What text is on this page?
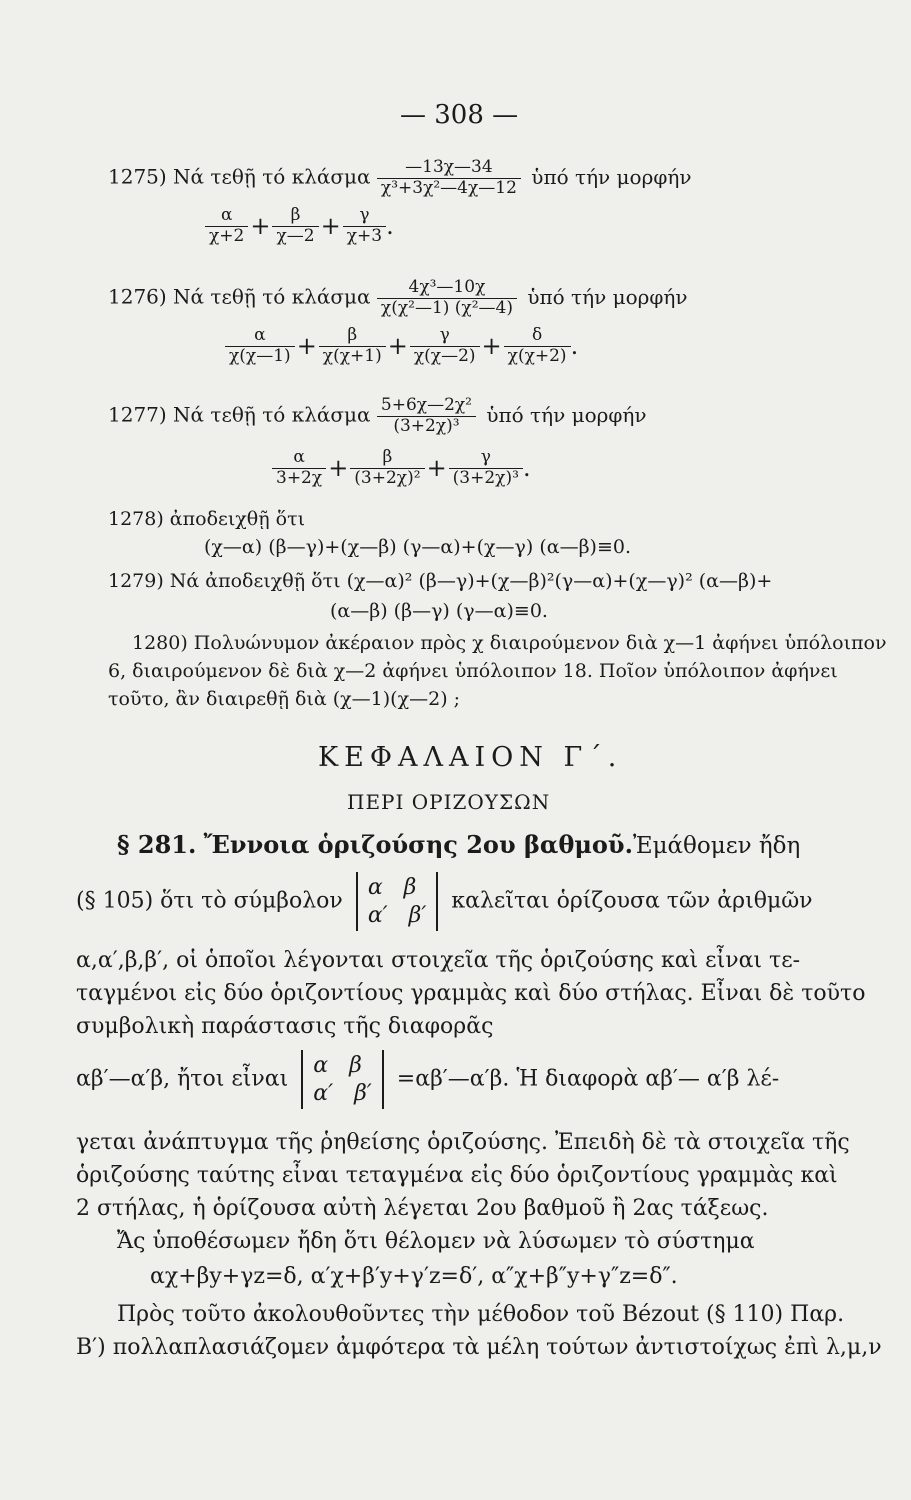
— 308 —
1275) Νά τεθῇ τό κλάσμα $\frac{—13\chi—34}{\text{χ³+3χ²—4χ—12}}$ ὑπό τήν μορφήν
$\frac{\alpha}{\chi+2} + \frac{\beta}{\chi—2} + \frac{\gamma}{\chi+3}$ .
1276) Νά τεθῇ τό κλάσμα $\frac{\text{4χ³—10χ}}{\text{χ(χ²—1) (χ²—4)}}$ ὑπό τήν μορφήν
$\frac{\alpha}{\chi(\chi—1)} + \frac{\beta}{\chi(\chi+1)} + \frac{\gamma}{\chi(\chi—2)} + \frac{\delta}{\chi(\chi+2)}$ .
1277) Νά τεθῇ τό κλάσμα $\frac{\text{5+6χ—2χ²}}{\text{(3+2χ)³}}$ ὑπό τήν μορφήν
$\frac{\alpha}{3+2\chi} + \frac{\beta}{\text{(3+2χ)²}} + \frac{\gamma}{\text{(3+2χ)³}}$ .
1278) ἀποδειχθῇ ὅτι
(χ—α) (β—γ)+(χ—β) (γ—α)+(χ—γ) (α—β)≡0.
1279) Νά ἀποδειχθῇ ὅτι (χ—α)² (β—γ)+(χ—β)²(γ—α)+(χ—γ)² (α—β)+
(α—β) (β—γ) (γ—α)≡0.
1280) Πολυώνυμον ἀκέραιον πρὸς χ διαιρούμενον διὰ χ—1 ἀφήνει ὑπόλοιπον
6, διαιρούμενον δὲ διὰ χ—2 ἀφήνει ὑπόλοιπον 18. Ποῖον ὑπόλοιπον ἀφήνει
τοῦτο, ἂν διαιρεθῇ διὰ (χ—1)(χ—2) ;
ΚΕΦΑΛΑΙΟΝ Γ΄.
ΠΕΡΙ ΟΡΙΖΟΥΣΩΝ
§ 281. Ἔννοια ὁριζούσης 2ου βαθμοῦ.Ἐμάθομεν ἤδη
(§ 105) ὅτι τὸ σύμβολον
α β
α′ β′
καλεῖται ὁρίζουσα τῶν ἀριθμῶν
α,α′,β,β′, οἱ ὁποῖοι λέγονται στοιχεῖα τῆς ὁριζούσης καὶ εἶναι τε-
ταγμένοι εἰς δύο ὁριζοντίους γραμμὰς καὶ δύο στήλας. Εἶναι δὲ τοῦτο
συμβολικὴ παράστασις τῆς διαφορᾶς
αβ′—α′β, ἤτοι εἶναι
α β
α′ β′
=αβ′—α′β. Ἡ διαφορὰ αβ′— α′β λέ-
γεται ἀνάπτυγμα τῆς ῥηθείσης ὁριζούσης. Ἐπειδὴ δὲ τὰ στοιχεῖα τῆς
ὁριζούσης ταύτης εἶναι τεταγμένα εἰς δύο ὁριζοντίους γραμμὰς καὶ
2 στήλας, ἡ ὁρίζουσα αὐτὴ λέγεται 2ου βαθμοῦ ἢ 2ας τάξεως.
Ἄς ὑποθέσωμεν ἤδη ὅτι θέλομεν νὰ λύσωμεν τὸ σύστημα
αχ+βy+γz=δ, α′χ+β′y+γ′z=δ′, α″χ+β″y+γ″z=δ″.
Πρὸς τοῦτο ἀκολουθοῦντες τὴν μέθοδον τοῦ Bézout (§ 110) Παρ.
Β′) πολλαπλασιάζομεν ἀμφότερα τὰ μέλη τούτων ἀντιστοίχως ἐπὶ λ,μ,ν
